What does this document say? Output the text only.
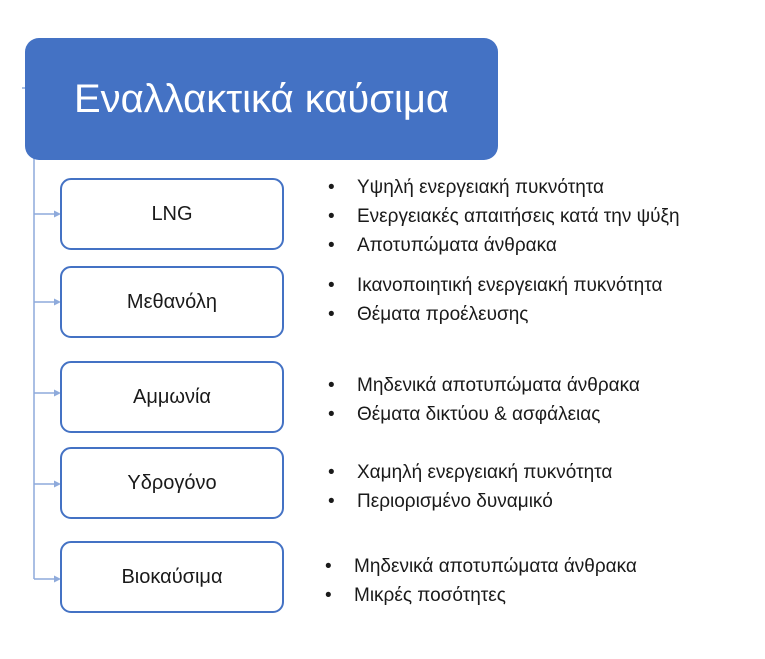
Εναλλακτικά καύσιμα
LNG
• Υψηλή ενεργειακή πυκνότητα
• Ενεργειακές απαιτήσεις κατά την ψύξη
• Αποτυπώματα άνθρακα
Μεθανόλη
• Ικανοποιητική ενεργειακή πυκνότητα
• Θέματα προέλευσης
Αμμωνία	• Μηδενικά αποτυπώματα άνθρακα
• Θέματα δικτύου & ασφάλειας
Υδρογόνο	• Χαμηλή ενεργειακή πυκνότητα
• Περιορισμένο δυναμικό
Βιοκαύσιμα	• Μηδενικά αποτυπώματα άνθρακα
• Μικρές ποσότητες
